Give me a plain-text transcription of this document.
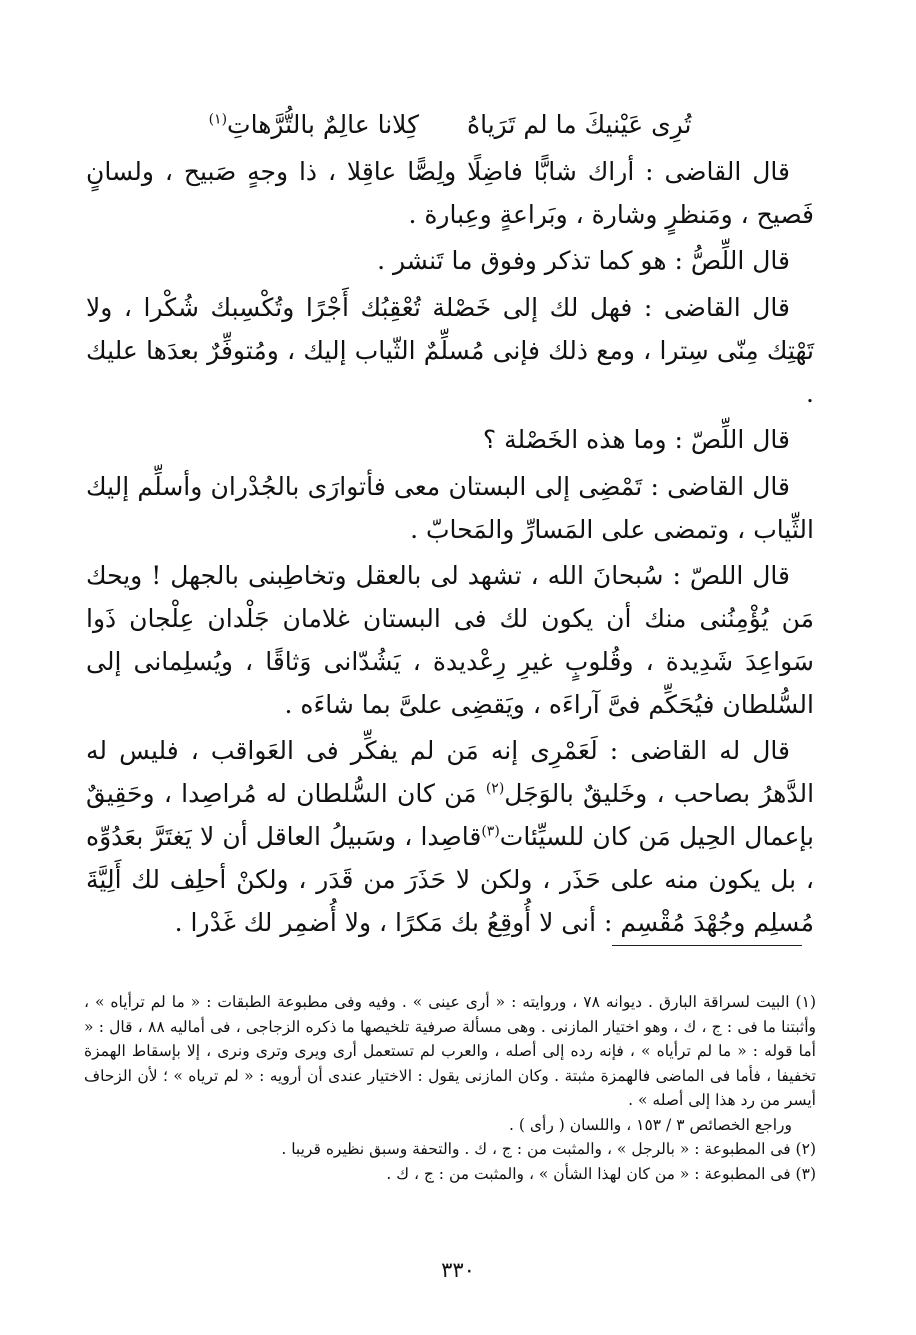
تُرِى عَيْنيكَ ما لم تَرَياهُ
كِلانا عالِمٌ بالتُّرَّهاتِ$^{(١)}$

قال القاضى : أراك شابًّا فاضِلًا ولِصًّا عاقِلا ، ذا وجهٍ صَبيح ، ولسانٍ فَصيح ، ومَنظرٍ وشارة ، وبَراعةٍ وعِبارة .

قال اللِّصُّ : هو كما تذكر وفوق ما تَنشر .

قال القاضى : فهل لك إلى خَصْلة تُعْقِبُك أَجْرًا وتُكْسِبك شُكْرا ، ولا تَهْتِك مِنّى سِترا ، ومع ذلك فإنى مُسلِّمٌ الثّياب إليك ، ومُتوفِّرٌ بعدَها عليك .

قال اللِّصّ : وما هذه الخَصْلة ؟

قال القاضى : تَمْضِى إلى البستان معى فأتوارَى بالجُدْران وأسلِّم إليك الثِّياب ، وتمضى على المَسارِّ والمَحابّ .

قال اللصّ : سُبحانَ الله ، تشهد لى بالعقل وتخاطِبنى بالجهل ! ويحك مَن يُؤْمِنُنى منك أن يكون لك فى البستان غلامان جَلْدان عِلْجان ذَوا سَواعِدَ شَدِيدة ، وقُلوبٍ غيرِ رِعْديدة ، يَشُدّانى وَثاقًا ، ويُسلِمانى إلى السُّلطان فيُحَكِّم فىَّ آراءَه ، ويَقضِى علىَّ بما شاءَه .

قال له القاضى : لَعَمْرِى إنه مَن لم يفكِّر فى العَواقب ، فليس له الدَّهرُ بصاحب ، وخَليقٌ بالوَجَل$^{(٢)}$ مَن كان السُّلطان له مُراصِدا ، وحَقِيقٌ بإعمال الحِيل مَن كان للسيِّئات$^{(٣)}$قاصِدا ، وسَبيلُ العاقل أن لا يَغتَرَّ بعَدُوِّه ، بل يكون منه على حَذَر ، ولكن لا حَذَرَ من قَدَر ، ولكنْ أحلِف لك أَلِيَّةَ مُسلِم وجُهْدَ مُقْسِم : أنى لا أُوقِعُ بك مَكرًا ، ولا أُضمِر لك غَدْرا .

(١) البيت لسراقة البارق . ديوانه ٧٨ ، وروايته : « أرى عينى » . وفيه وفى مطبوعة الطبقات : « ما لم ترأياه » ، وأثبتنا ما فى : ج ، ك ، وهو اختيار المازنى . وهى مسألة صرفية تلخيصها ما ذكره الزجاجى ، فى أماليه ٨٨ ، قال : « أما قوله : « ما لم ترأياه » ، فإنه رده إلى أصله ، والعرب لم تستعمل أرى ويرى وترى ونرى ، إلا بإسقاط الهمزة تخفيفا ، فأما فى الماضى فالهمزة مثبتة . وكان المازنى يقول : الاختيار عندى أن أرويه : « لم ترياه » ؛ لأن الزحاف أيسر من رد هذا إلى أصله » .

وراجع الخصائص ٣ / ١٥٣ ، واللسان ( رأى ) .

(٢) فى المطبوعة : « بالرجل » ، والمثبت من : ج ، ك . والتحفة وسبق نظيره قريبا .

(٣) فى المطبوعة : « من كان لهذا الشأن » ، والمثبت من : ج ، ك .

٣٣٠
